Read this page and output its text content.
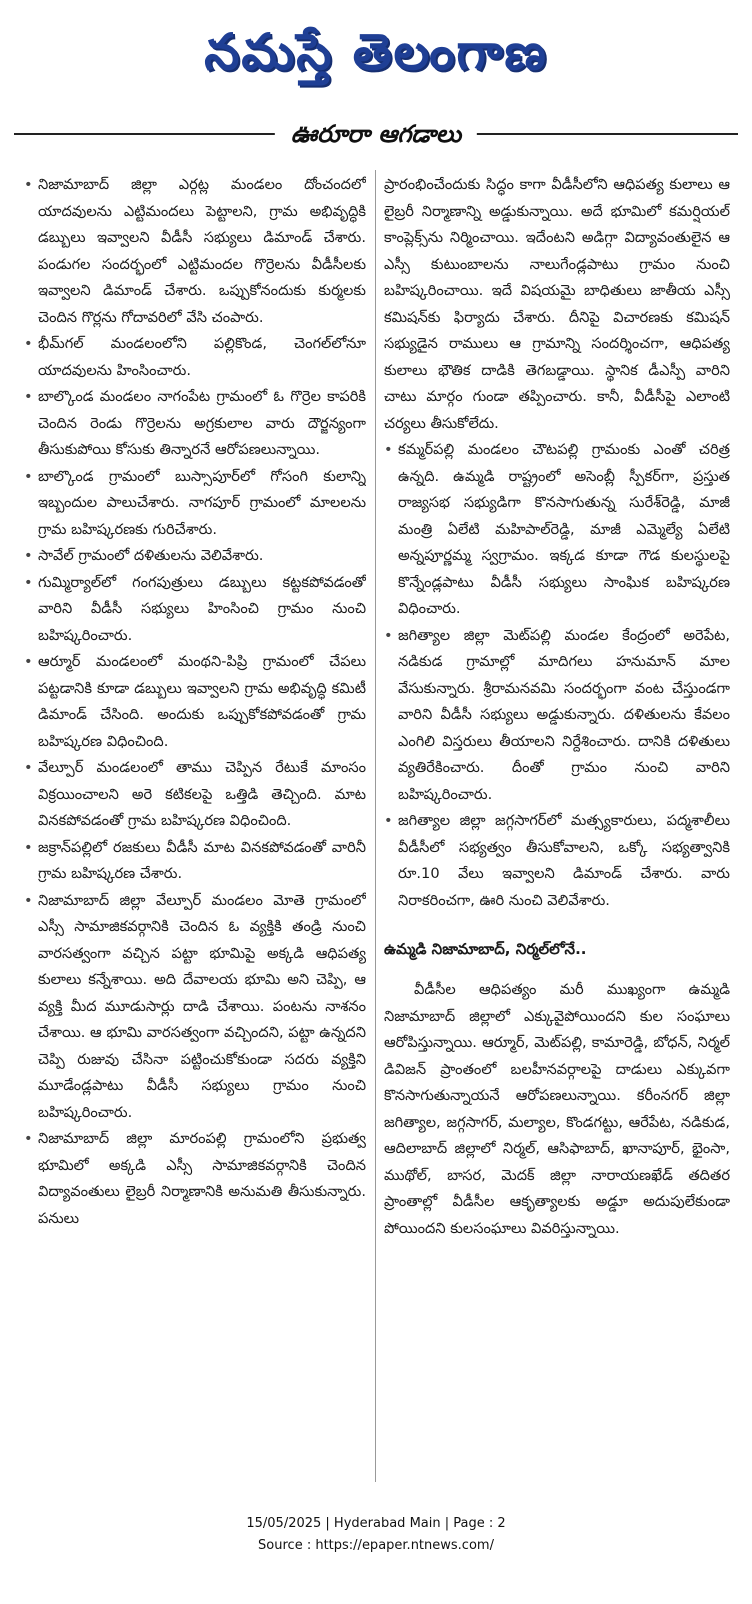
నమస్తే తెలంగాణ
ఊరూరా ఆగడాలు

• నిజామాబాద్ జిల్లా ఎర్గట్ల మండలం దోంచందలో యాదవులను ఎట్టిమందలు పెట్టాలని, గ్రామ అభివృద్ధికి డబ్బులు ఇవ్వాలని వీడీసీ సభ్యులు డిమాండ్ చేశారు. పండుగల సందర్భంలో ఎట్టిమందల గొర్రెలను వీడీసీలకు ఇవ్వాలని డిమాండ్ చేశారు. ఒప్పుకోనందుకు కుర్మలకు చెందిన గొర్లను గోదావరిలో వేసి చంపారు.

• భీమ్‌గల్ మండలంలోని పల్లికొండ, చెంగల్‌లోనూ యాదవులను హింసించారు.

• బాల్కొండ మండలం నాగంపేట గ్రామంలో ఓ గొర్రెల కాపరికి చెందిన రెండు గొర్రెలను అగ్రకులాల వారు దౌర్జన్యంగా తీసుకుపోయి కోసుకు తిన్నారనే ఆరోపణలున్నాయి.

• బాల్కొండ గ్రామంలో బుస్సాపూర్‌లో గోసంగి కులాన్ని ఇబ్బందుల పాలుచేశారు. నాగపూర్ గ్రామంలో మాలలను గ్రామ బహిష్కరణకు గురిచేశారు.

• సావేల్ గ్రామంలో దళితులను వెలివేశారు.

• గుమ్మిర్యాల్‌లో గంగపుత్రులు డబ్బులు కట్టకపోవడంతో వారిని వీడీసీ సభ్యులు హింసించి గ్రామం నుంచి బహిష్కరించారు.

• ఆర్మూర్ మండలంలో మంథని-పిప్రి గ్రామంలో చేపలు పట్టడానికి కూడా డబ్బులు ఇవ్వాలని గ్రామ అభివృద్ధి కమిటీ డిమాండ్ చేసింది. అందుకు ఒప్పుకోకపోవడంతో గ్రామ బహిష్కరణ విధించింది.

• వేల్పూర్ మండలంలో తాము చెప్పిన రేటుకే మాంసం విక్రయించాలని అరె కటికలపై ఒత్తిడి తెచ్చింది. మాట వినకపోవడంతో గ్రామ బహిష్కరణ విధించింది.

• జక్రాన్‌పల్లిలో రజకులు వీడీసీ మాట వినకపోవడంతో వారినీ గ్రామ బహిష్కరణ చేశారు.

• నిజామాబాద్ జిల్లా వేల్పూర్ మండలం మోతె గ్రామంలో ఎస్సీ సామాజికవర్గానికి చెందిన ఓ వ్యక్తికి తండ్రి నుంచి వారసత్వంగా వచ్చిన పట్టా భూమిపై అక్కడి ఆధిపత్య కులాలు కన్నేశాయి. అది దేవాలయ భూమి అని చెప్పి, ఆ వ్యక్తి మీద మూడుసార్లు దాడి చేశాయి. పంటను నాశనం చేశాయి. ఆ భూమి వారసత్వంగా వచ్చిందని, పట్టా ఉన్నదని చెప్పి రుజువు చేసినా పట్టించుకోకుండా సదరు వ్యక్తిని మూడేండ్లపాటు వీడీసీ సభ్యులు గ్రామం నుంచి బహిష్కరించారు.

• నిజామాబాద్ జిల్లా మారంపల్లి గ్రామంలోని ప్రభుత్వ భూమిలో అక్కడి ఎస్సీ సామాజికవర్గానికి చెందిన విద్యావంతులు లైబ్రరీ నిర్మాణానికి అనుమతి తీసుకున్నారు. పనులు

ప్రారంభించేందుకు సిద్ధం కాగా వీడీసీలోని ఆధిపత్య కులాలు ఆ లైబ్రరీ నిర్మాణాన్ని అడ్డుకున్నాయి. అదే భూమిలో కమర్షియల్ కాంప్లెక్స్‌ను నిర్మించాయి. ఇదేంటని అడిగ్గా విద్యావంతులైన ఆ ఎస్సీ కుటుంబాలను నాలుగేండ్లపాటు గ్రామం నుంచి బహిష్కరించాయి. ఇదే విషయమై బాధితులు జాతీయ ఎస్సీ కమిషన్‌కు ఫిర్యాదు చేశారు. దీనిపై విచారణకు కమిషన్ సభ్యుడైన రాములు ఆ గ్రామాన్ని సందర్శించగా, ఆధిపత్య కులాలు భౌతిక దాడికి తెగబడ్డాయి. స్థానిక డీఎస్పీ వారిని చాటు మార్గం గుండా తప్పించారు. కానీ, వీడీసీపై ఎలాంటి చర్యలు తీసుకోలేదు.

• కమ్మర్‌పల్లి మండలం చౌటపల్లి గ్రామంకు ఎంతో చరిత్ర ఉన్నది. ఉమ్మడి రాష్ట్రంలో అసెంబ్లీ స్పీకర్‌గా, ప్రస్తుత రాజ్యసభ సభ్యుడిగా కొనసాగుతున్న సురేశ్‌రెడ్డి, మాజీ మంత్రి ఏలేటి మహిపాల్‌రెడ్డి, మాజీ ఎమ్మెల్యే ఏలేటి అన్నపూర్ణమ్మ స్వగ్రామం. ఇక్కడ కూడా గౌడ కులస్థులపై కొన్నేండ్లపాటు వీడీసీ సభ్యులు సాంఘిక బహిష్కరణ విధించారు.

• జగిత్యాల జిల్లా మెట్‌పల్లి మండల కేంద్రంలో అరెపేట, నడికుడ గ్రామాల్లో మాదిగలు హనుమాన్ మాల వేసుకున్నారు. శ్రీరామనవమి సందర్భంగా వంట చేస్తుండగా వారిని వీడీసీ సభ్యులు అడ్డుకున్నారు. దళితులను కేవలం ఎంగిలి విస్తరులు తీయాలని నిర్దేశించారు. దానికి దళితులు వ్యతిరేకించారు. దీంతో గ్రామం నుంచి వారిని బహిష్కరించారు.

• జగిత్యాల జిల్లా జగ్గసాగర్‌లో మత్స్యకారులు, పద్మశాలీలు వీడీసీలో సభ్యత్వం తీసుకోవాలని, ఒక్కో సభ్యత్వానికి రూ.10 వేలు ఇవ్వాలని డిమాండ్ చేశారు. వారు నిరాకరించగా, ఊరి నుంచి వెలివేశారు.

ఉమ్మడి నిజామాబాద్, నిర్మల్‌లోనే..

వీడీసీల ఆధిపత్యం మరీ ముఖ్యంగా ఉమ్మడి నిజామాబాద్ జిల్లాలో ఎక్కువైపోయిందని కుల సంఘాలు ఆరోపిస్తున్నాయి. ఆర్మూర్, మెట్‌పల్లి, కామారెడ్డి, బోధన్, నిర్మల్ డివిజన్ ప్రాంతంలో బలహీనవర్గాలపై దాడులు ఎక్కువగా కొనసాగుతున్నాయనే ఆరోపణలున్నాయి. కరీంనగర్ జిల్లా జగిత్యాల, జగ్గసాగర్, మల్యాల, కొండగట్టు, ఆరేపేట, నడికుడ, ఆదిలాబాద్ జిల్లాలో నిర్మల్, ఆసిఫాబాద్, ఖానాపూర్, భైంసా, ముథోల్, బాసర, మెదక్ జిల్లా నారాయణఖేడ్ తదితర ప్రాంతాల్లో వీడీసీల ఆకృత్యాలకు అడ్డూ అదుపులేకుండా పోయిందని కులసంఘాలు వివరిస్తున్నాయి.

15/05/2025 | Hyderabad Main | Page : 2
Source : https://epaper.ntnews.com/
